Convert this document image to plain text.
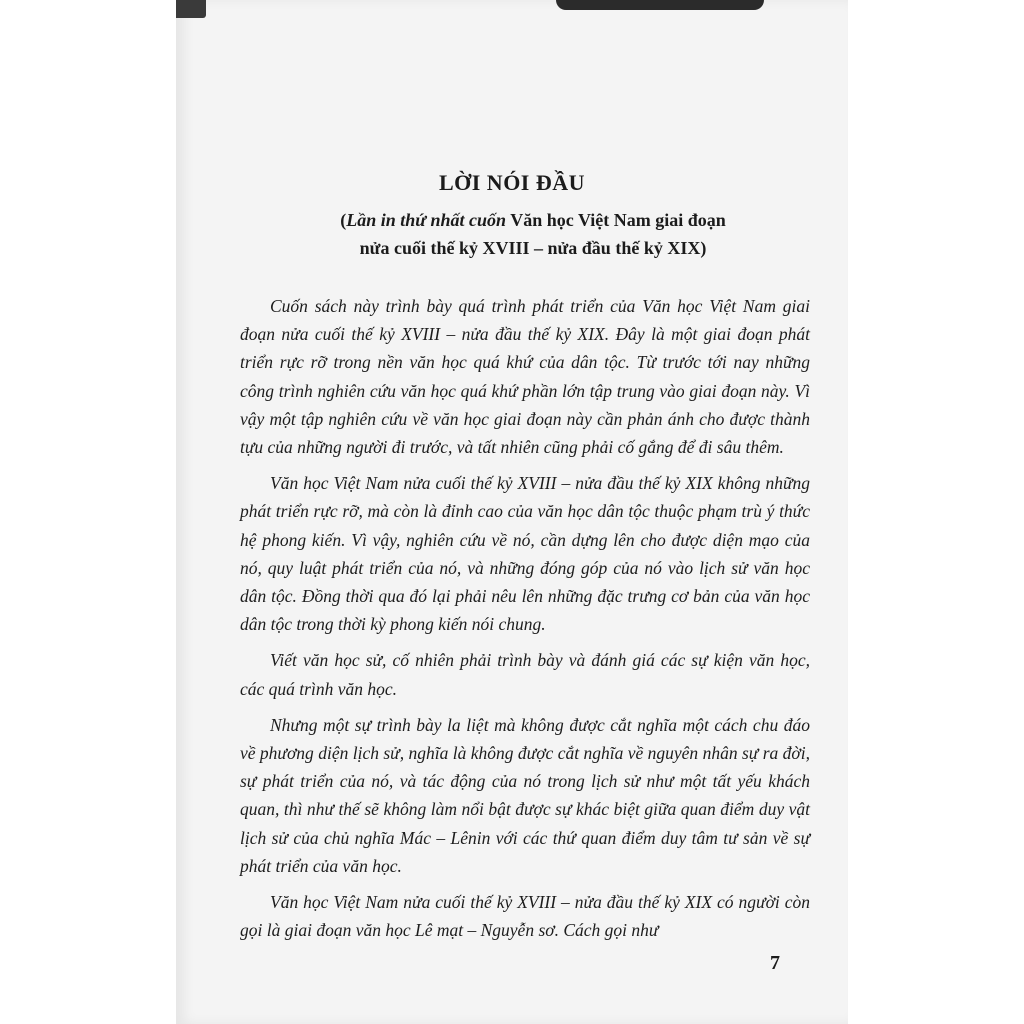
LỜI NÓI ĐẦU
(Lần in thứ nhất cuốn Văn học Việt Nam giai đoạn
nửa cuối thế kỷ XVIII – nửa đầu thế kỷ XIX)

Cuốn sách này trình bày quá trình phát triển của Văn học Việt Nam giai đoạn nửa cuối thế kỷ XVIII – nửa đầu thế kỷ XIX. Đây là một giai đoạn phát triển rực rỡ trong nền văn học quá khứ của dân tộc. Từ trước tới nay những công trình nghiên cứu văn học quá khứ phần lớn tập trung vào giai đoạn này. Vì vậy một tập nghiên cứu về văn học giai đoạn này cần phản ánh cho được thành tựu của những người đi trước, và tất nhiên cũng phải cố gắng để đi sâu thêm.

Văn học Việt Nam nửa cuối thế kỷ XVIII – nửa đầu thế kỷ XIX không những phát triển rực rỡ, mà còn là đỉnh cao của văn học dân tộc thuộc phạm trù ý thức hệ phong kiến. Vì vậy, nghiên cứu về nó, cần dựng lên cho được diện mạo của nó, quy luật phát triển của nó, và những đóng góp của nó vào lịch sử văn học dân tộc. Đồng thời qua đó lại phải nêu lên những đặc trưng cơ bản của văn học dân tộc trong thời kỳ phong kiến nói chung.

Viết văn học sử, cố nhiên phải trình bày và đánh giá các sự kiện văn học, các quá trình văn học.

Nhưng một sự trình bày la liệt mà không được cắt nghĩa một cách chu đáo về phương diện lịch sử, nghĩa là không được cắt nghĩa về nguyên nhân sự ra đời, sự phát triển của nó, và tác động của nó trong lịch sử như một tất yếu khách quan, thì như thế sẽ không làm nổi bật được sự khác biệt giữa quan điểm duy vật lịch sử của chủ nghĩa Mác – Lênin với các thứ quan điểm duy tâm tư sản về sự phát triển của văn học.

Văn học Việt Nam nửa cuối thế kỷ XVIII – nửa đầu thế kỷ XIX có người còn gọi là giai đoạn văn học Lê mạt – Nguyễn sơ. Cách gọi như

7
